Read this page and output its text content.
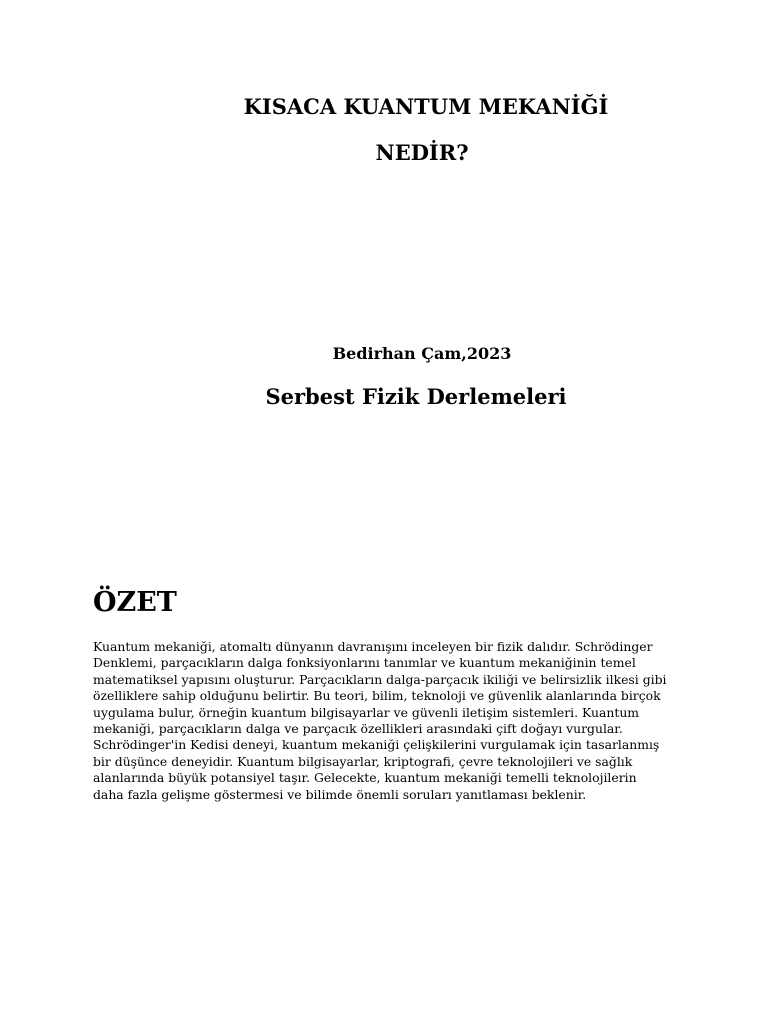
KISACA KUANTUM MEKANİĞİ
NEDİR?
Bedirhan Çam,2023
Serbest Fizik Derlemeleri
ÖZET
Kuantum mekaniği, atomaltı dünyanın davranışını inceleyen bir fizik dalıdır. Schrödinger
Denklemi, parçacıkların dalga fonksiyonlarını tanımlar ve kuantum mekaniğinin temel
matematiksel yapısını oluşturur. Parçacıkların dalga-parçacık ikiliği ve belirsizlik ilkesi gibi
özelliklere sahip olduğunu belirtir. Bu teori, bilim, teknoloji ve güvenlik alanlarında birçok
uygulama bulur, örneğin kuantum bilgisayarlar ve güvenli iletişim sistemleri. Kuantum
mekaniği, parçacıkların dalga ve parçacık özellikleri arasındaki çift doğayı vurgular.
Schrödinger'in Kedisi deneyi, kuantum mekaniği çelişkilerini vurgulamak için tasarlanmış
bir düşünce deneyidir. Kuantum bilgisayarlar, kriptografi, çevre teknolojileri ve sağlık
alanlarında büyük potansiyel taşır. Gelecekte, kuantum mekaniği temelli teknolojilerin
daha fazla gelişme göstermesi ve bilimde önemli soruları yanıtlaması beklenir.
